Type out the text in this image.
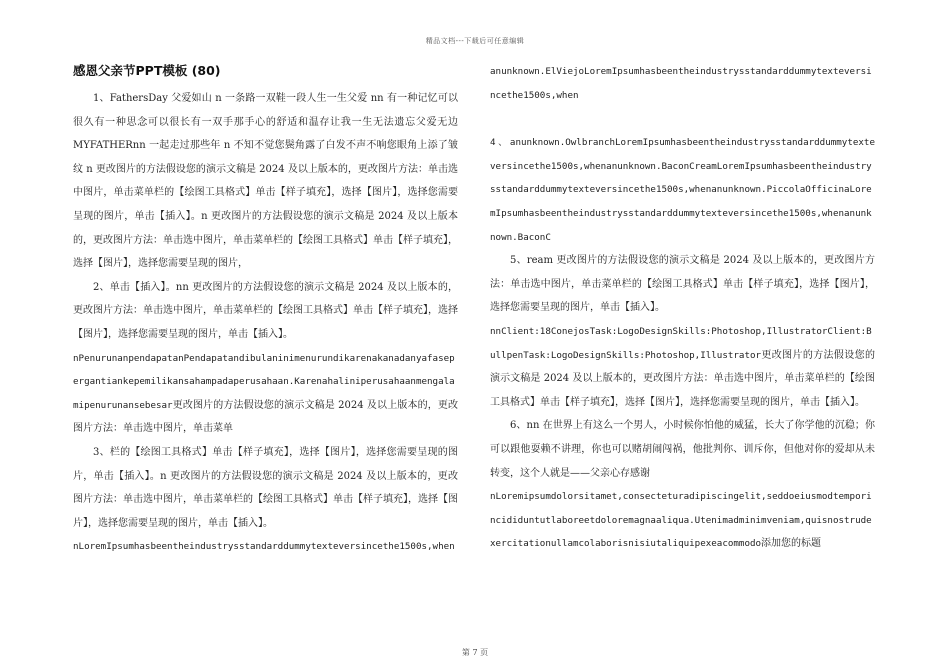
精品文档---下载后可任意编辑
感恩父亲节PPT模板 (80)

1、FathersDay 父爱如山 n 一条路一双鞋一段人生一生父爱 nn 有一种记忆可以很久有一种思念可以很长有一双手那手心的舒适和温存让我一生无法遗忘父爱无边 MYFATHERnn 一起走过那些年 n 不知不觉您鬓角露了白发不声不响您眼角上添了皱纹 n 更改图片的方法假设您的演示文稿是 2024 及以上版本的，更改图片方法：单击选中图片，单击菜单栏的【绘图工具格式】单击【样子填充】，选择【图片】，选择您需要呈现的图片，单击【插入】。n 更改图片的方法假设您的演示文稿是 2024 及以上版本的，更改图片方法：单击选中图片，单击菜单栏的【绘图工具格式】单击【样子填充】，选择【图片】，选择您需要呈现的图片，

2、单击【插入】。nn 更改图片的方法假设您的演示文稿是 2024 及以上版本的，更改图片方法：单击选中图片，单击菜单栏的【绘图工具格式】单击【样子填充】，选择【图片】，选择您需要呈现的图片，单击【插入】。

nPenurunanpendapatanPendapatandibulaninimenurundikarenakanadanyafasepergantiankepemilikansahampadaperusahaan.Karenahaliniperusahaanmengalamipenurunansebesar更改图片的方法假设您的演示文稿是 2024 及以上版本的，更改图片方法：单击选中图片，单击菜单

3、栏的【绘图工具格式】单击【样子填充】，选择【图片】，选择您需要呈现的图片，单击【插入】。n 更改图片的方法假设您的演示文稿是 2024 及以上版本的，更改图片方法：单击选中图片，单击菜单栏的【绘图工具格式】单击【样子填充】，选择【图片】，选择您需要呈现的图片，单击【插入】。

nLoremIpsumhasbeentheindustrysstandarddummytexteversincethe1500s,when

anunknown.ElViejoLoremIpsumhasbeentheindustrysstandarddummytexteversincethe1500s,when

4、anunknown.OwlbranchLoremIpsumhasbeentheindustrysstandarddummytexteversincethe1500s,whenanunknown.BaconCreamLoremIpsumhasbeentheindustrysstandarddummytexteversincethe1500s,whenanunknown.PiccolaOfficinaLoremIpsumhasbeentheindustrysstandarddummytexteversincethe1500s,whenanunknown.BaconC

5、ream 更改图片的方法假设您的演示文稿是 2024 及以上版本的，更改图片方法：单击选中图片，单击菜单栏的【绘图工具格式】单击【样子填充】，选择【图片】，选择您需要呈现的图片，单击【插入】。

nnClient:18ConejosTask:LogoDesignSkills:Photoshop,IllustratorClient:BullpenTask:LogoDesignSkills:Photoshop,Illustrator更改图片的方法假设您的演示文稿是 2024 及以上版本的，更改图片方法：单击选中图片，单击菜单栏的【绘图工具格式】单击【样子填充】，选择【图片】，选择您需要呈现的图片，单击【插入】。

6、nn 在世界上有这么一个男人，小时候你怕他的威猛，长大了你学他的沉稳；你可以跟他耍赖不讲理，你也可以赌胡闹闯祸，他批判你、训斥你，但他对你的爱却从未转变，这个人就是——父亲心存感谢

nLoremipsumdolorsitamet,consecteturadipiscingelit,seddoeiusmodtemporincididuntutlaboreetdoloremagnaaliqua.Utenimadminimveniam,quisnostrudexercitationullamcolaborisnisiutaliquipexeacommodo添加您的标题

第 7 页
